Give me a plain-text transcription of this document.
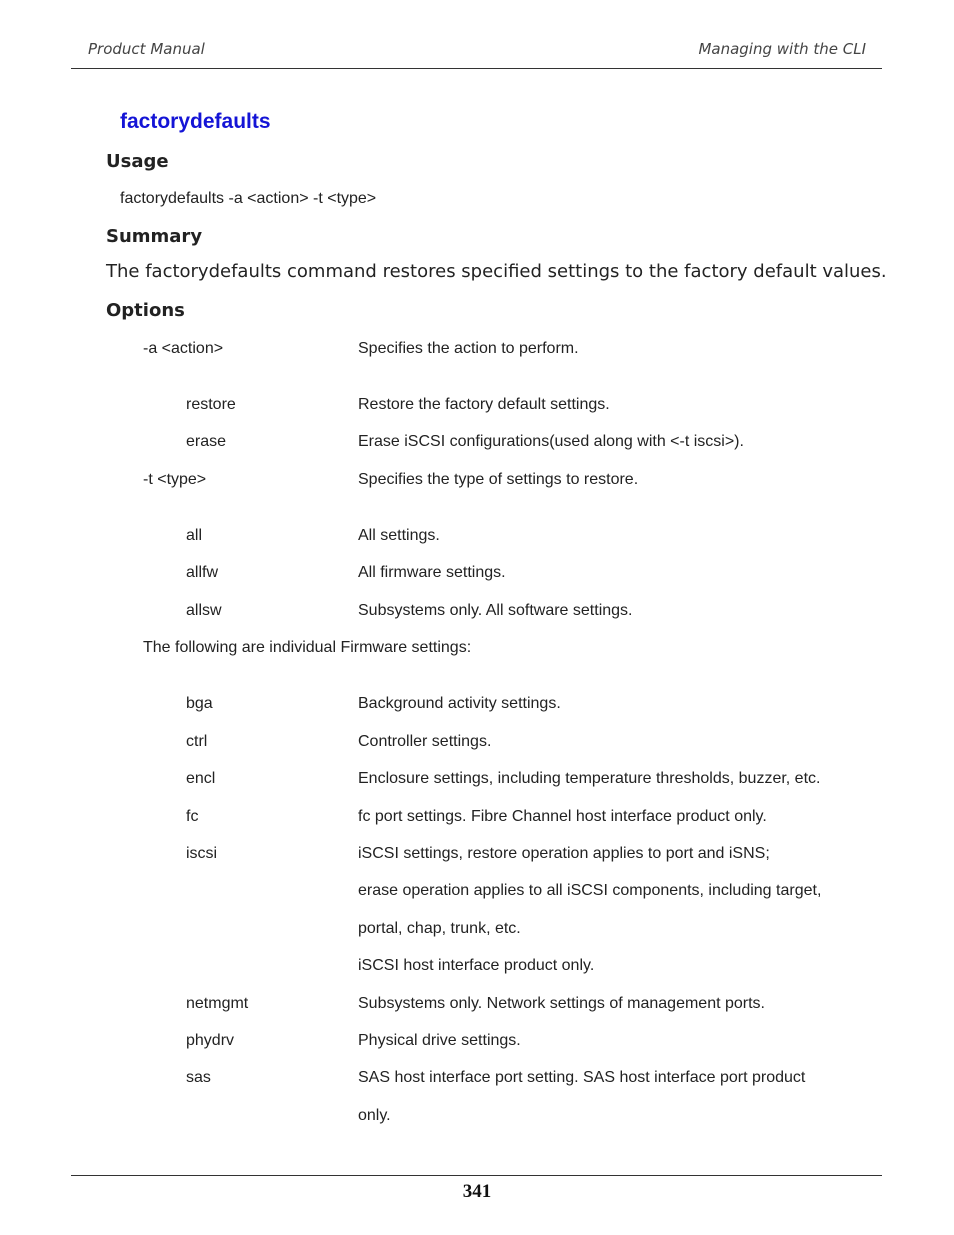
Product Manual	Managing with the CLI
factorydefaults
Usage
factorydefaults -a <action> -t <type>
Summary
The factorydefaults command restores specified settings to the factory default values.
Options
-a <action>	Specifies the action to perform.
restore	Restore the factory default settings.
erase	Erase iSCSI configurations(used along with <-t iscsi>).
-t <type>	Specifies the type of settings to restore.
all	All settings.
allfw	All firmware settings.
allsw	Subsystems only. All software settings.
The following are individual Firmware settings:
bga	Background activity settings.
ctrl	Controller settings.
encl	Enclosure settings, including temperature thresholds, buzzer, etc.
fc	fc port settings. Fibre Channel host interface product only.
iscsi	iSCSI settings, restore operation applies to port and iSNS;
erase operation applies to all iSCSI components, including target,
portal, chap, trunk, etc.
iSCSI host interface product only.
netmgmt	Subsystems only. Network settings of management ports.
phydrv	Physical drive settings.
sas	SAS host interface port setting. SAS host interface port product
only.
341
